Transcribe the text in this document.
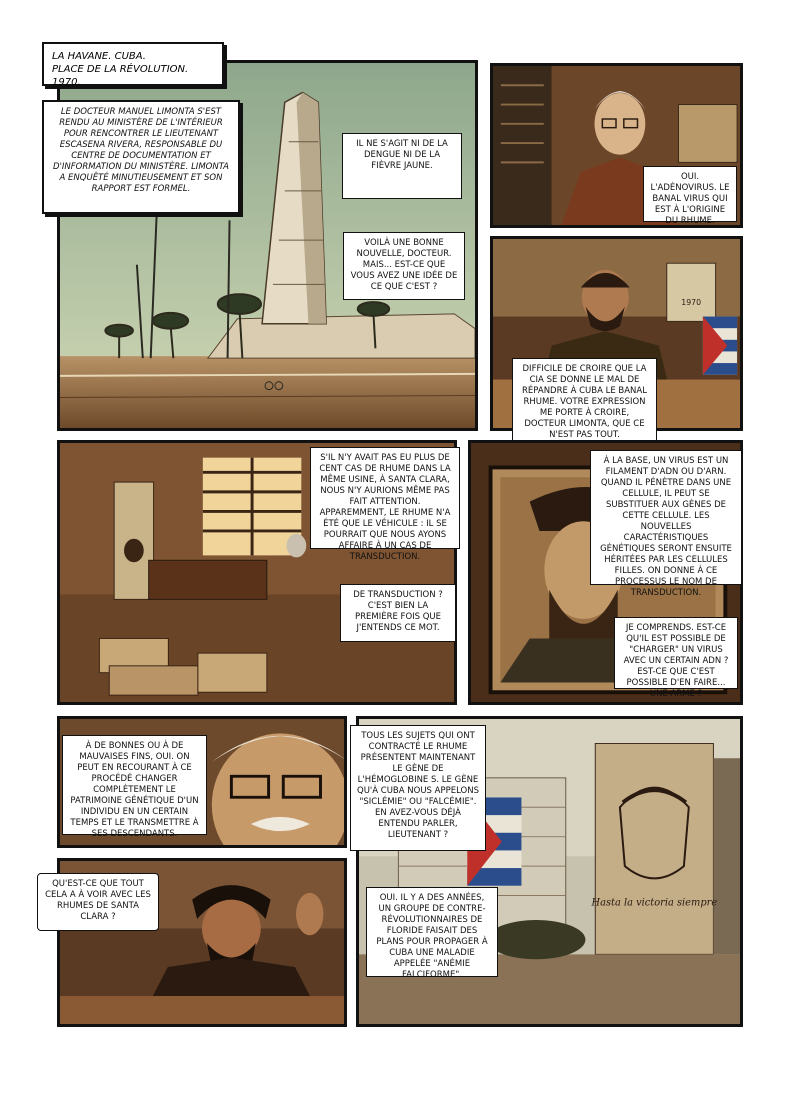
LA HAVANE. CUBA.
PLACE DE LA RÉVOLUTION. 1970.
LE DOCTEUR MANUEL LIMONTA S'EST RENDU AU MINISTÈRE DE L'INTÉRIEUR POUR RENCONTRER LE LIEUTENANT ESCASENA RIVERA, RESPONSABLE DU CENTRE DE DOCUMENTATION ET D'INFORMATION DU MINISTÈRE. LIMONTA A ENQUÊTÉ MINUTIEUSEMENT ET SON RAPPORT EST FORMEL.
IL NE S'AGIT NI DE LA DENGUE NI DE LA FIÈVRE JAUNE.
VOILÀ UNE BONNE NOUVELLE, DOCTEUR. MAIS... EST-CE QUE VOUS AVEZ UNE IDÉE DE CE QUE C'EST ?
OUI. L'ADÉNOVIRUS. LE BANAL VIRUS QUI EST À L'ORIGINE DU RHUME.
1970
DIFFICILE DE CROIRE QUE LA CIA SE DONNE LE MAL DE RÉPANDRE À CUBA LE BANAL RHUME. VOTRE EXPRESSION ME PORTE À CROIRE, DOCTEUR LIMONTA, QUE CE N'EST PAS TOUT.
S'IL N'Y AVAIT PAS EU PLUS DE CENT CAS DE RHUME DANS LA MÊME USINE, À SANTA CLARA, NOUS N'Y AURIONS MÊME PAS FAIT ATTENTION. APPAREMMENT, LE RHUME N'A ÉTÉ QUE LE VÉHICULE : IL SE POURRAIT QUE NOUS AYONS AFFAIRE À UN CAS DE TRANSDUCTION.
DE TRANSDUCTION ? C'EST BIEN LA PREMIÈRE FOIS QUE J'ENTENDS CE MOT.
À LA BASE, UN VIRUS EST UN FILAMENT D'ADN OU D'ARN. QUAND IL PÉNÈTRE DANS UNE CELLULE, IL PEUT SE SUBSTITUER AUX GÈNES DE CETTE CELLULE. LES NOUVELLES CARACTÉRISTIQUES GÉNÉTIQUES SERONT ENSUITE HÉRITÉES PAR LES CELLULES FILLES. ON DONNE À CE PROCESSUS LE NOM DE TRANSDUCTION.
JE COMPRENDS. EST-CE QU'IL EST POSSIBLE DE "CHARGER" UN VIRUS AVEC UN CERTAIN ADN ? EST-CE QUE C'EST POSSIBLE D'EN FAIRE... UNE ARME ?
À DE BONNES OU À DE MAUVAISES FINS, OUI. ON PEUT EN RECOURANT À CE PROCÉDÉ CHANGER COMPLÈTEMENT LE PATRIMOINE GÉNÉTIQUE D'UN INDIVIDU EN UN CERTAIN TEMPS ET LE TRANSMETTRE À SES DESCENDANTS.
Hasta la victoria siempre
TOUS LES SUJETS QUI ONT CONTRACTÉ LE RHUME PRÉSENTENT MAINTENANT LE GÈNE DE L'HÉMOGLOBINE S. LE GÈNE QU'À CUBA NOUS APPELONS "SICLÉMIE" OU "FALCÉMIE". EN AVEZ-VOUS DÉJÀ ENTENDU PARLER, LIEUTENANT ?
OUI. IL Y A DES ANNÉES, UN GROUPE DE CONTRE-RÉVOLUTIONNAIRES DE FLORIDE FAISAIT DES PLANS POUR PROPAGER À CUBA UNE MALADIE APPELÉE "ANÉMIE FALCIFORME".
QU'EST-CE QUE TOUT CELA A À VOIR AVEC LES RHUMES DE SANTA CLARA ?
